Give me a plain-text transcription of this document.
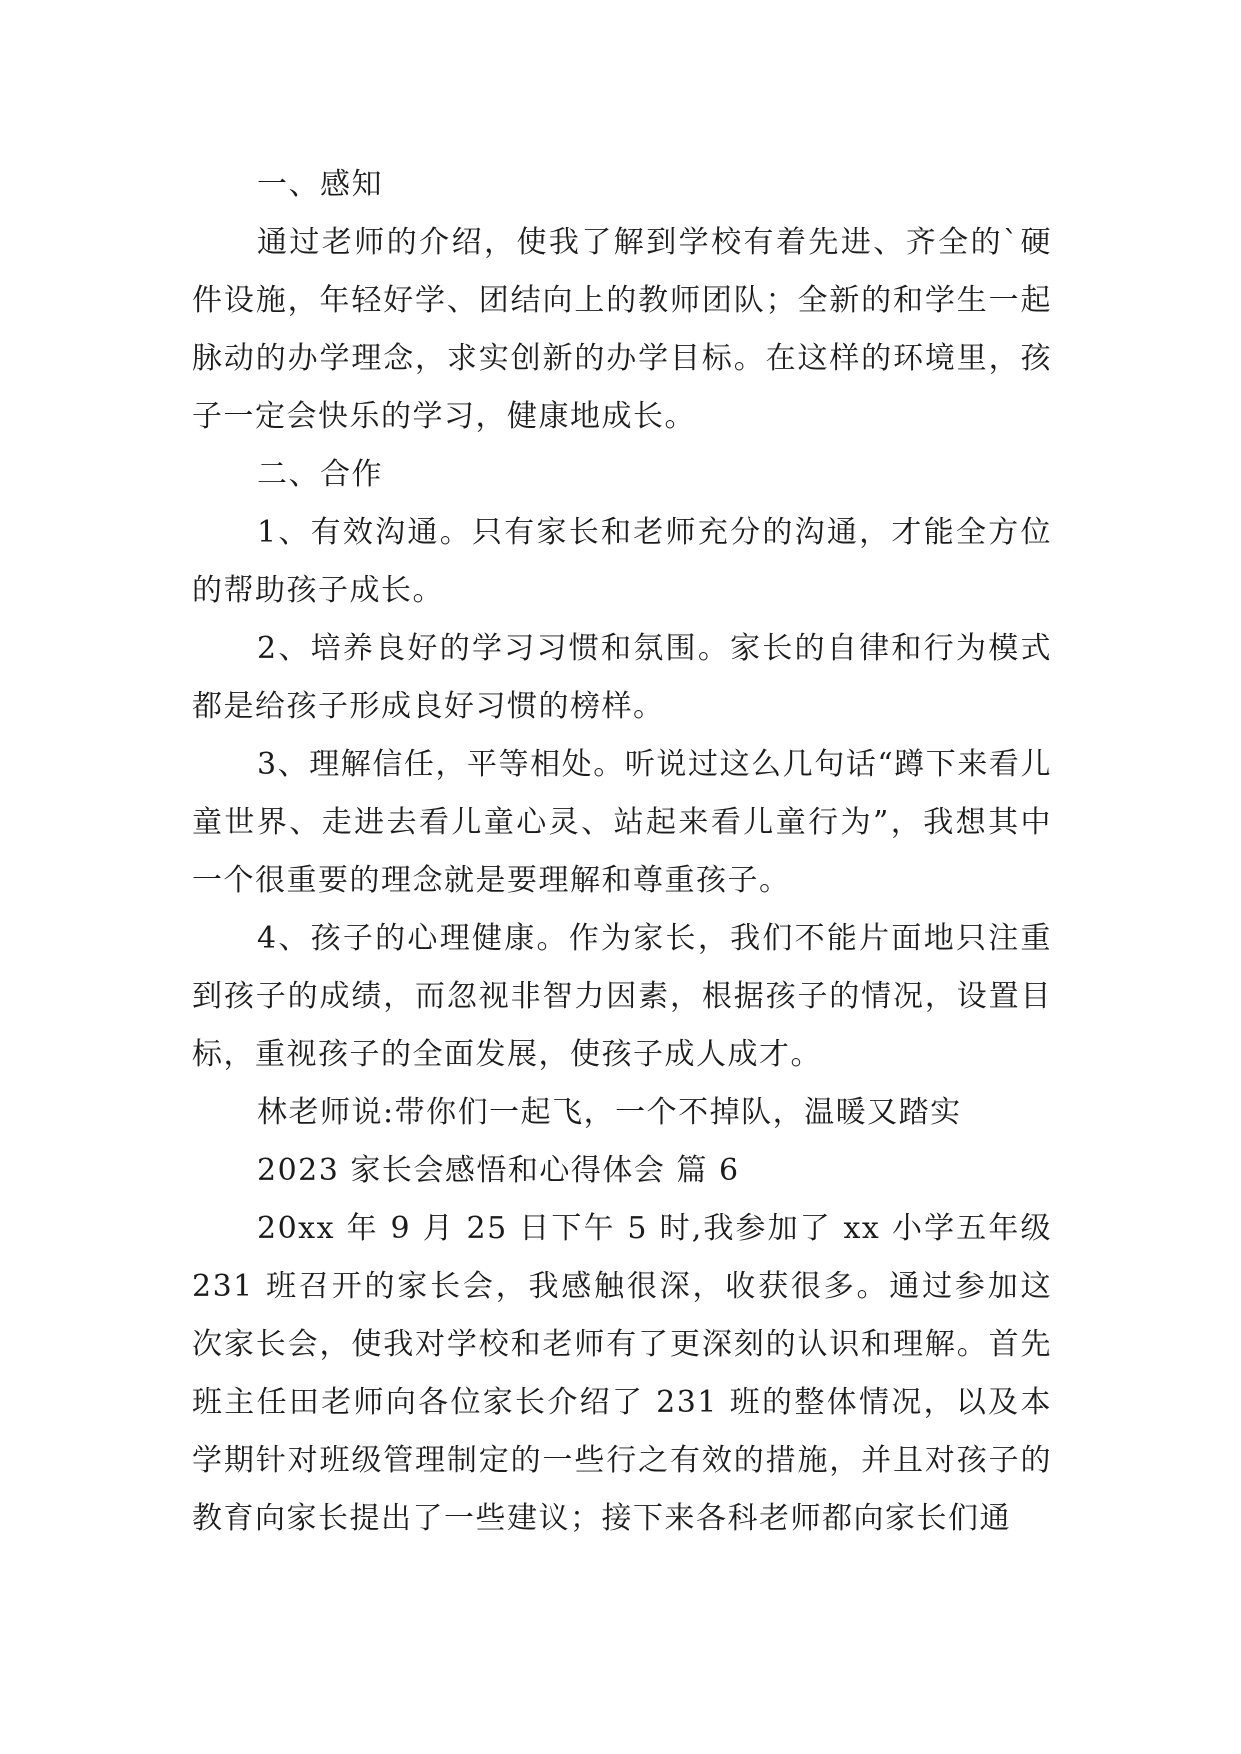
一、感知

通过老师的介绍，使我了解到学校有着先进、齐全的`硬件设施，年轻好学、团结向上的教师团队；全新的和学生一起脉动的办学理念，求实创新的办学目标。在这样的环境里，孩子一定会快乐的学习，健康地成长。

二、合作

1、有效沟通。只有家长和老师充分的沟通，才能全方位的帮助孩子成长。

2、培养良好的学习习惯和氛围。家长的自律和行为模式都是给孩子形成良好习惯的榜样。

3、理解信任，平等相处。听说过这么几句话“蹲下来看儿童世界、走进去看儿童心灵、站起来看儿童行为”，我想其中一个很重要的理念就是要理解和尊重孩子。

4、孩子的心理健康。作为家长，我们不能片面地只注重到孩子的成绩，而忽视非智力因素，根据孩子的情况，设置目标，重视孩子的全面发展，使孩子成人成才。

林老师说:带你们一起飞，一个不掉队，温暖又踏实

2023 家长会感悟和心得体会 篇 6

20xx 年 9 月 25 日下午 5 时,我参加了 xx 小学五年级 231 班召开的家长会，我感触很深，收获很多。通过参加这次家长会，使我对学校和老师有了更深刻的认识和理解。首先班主任田老师向各位家长介绍了 231 班的整体情况，以及本学期针对班级管理制定的一些行之有效的措施，并且对孩子的教育向家长提出了一些建议；接下来各科老师都向家长们通
